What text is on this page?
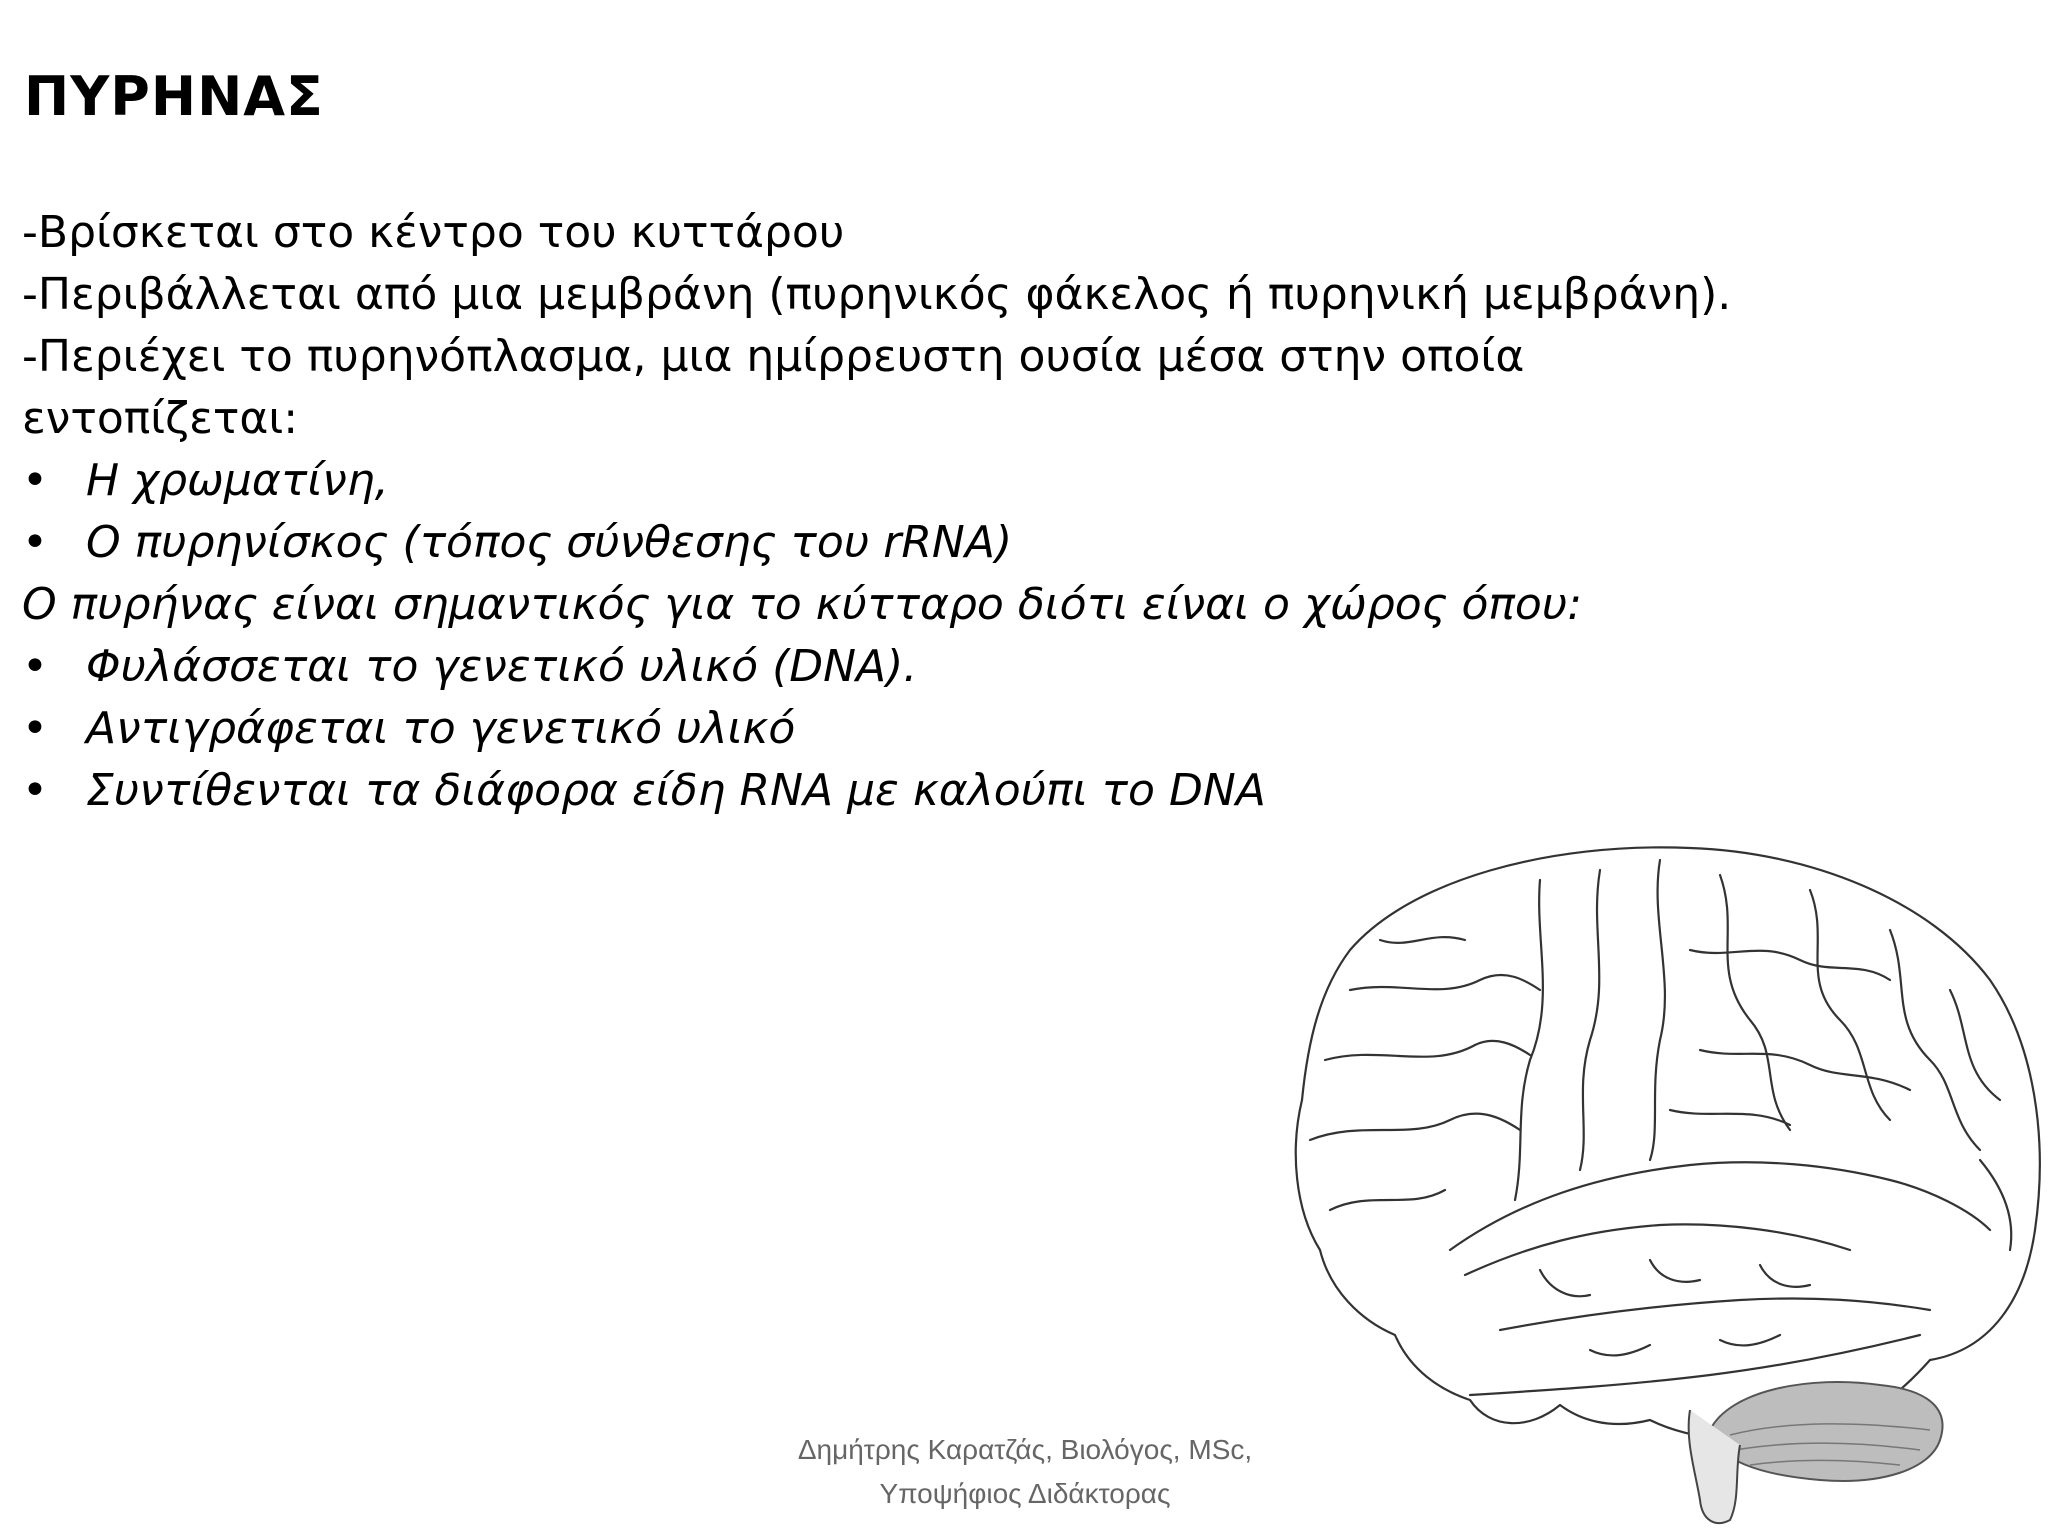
ΠΥΡΗΝΑΣ
-Βρίσκεται στο κέντρο του κυττάρου
-Περιβάλλεται από μια μεμβράνη (πυρηνικός φάκελος ή πυρηνική μεμβράνη).
-Περιέχει το πυρηνόπλασμα, μια ημίρρευστη ουσία μέσα στην οποία
εντοπίζεται:
• Η χρωματίνη,
• Ο πυρηνίσκος (τόπος σύνθεσης του rRNA)
Ο πυρήνας είναι σημαντικός για το κύτταρο διότι είναι ο χώρος όπου:
• Φυλάσσεται το γενετικό υλικό (DNA).
• Αντιγράφεται το γενετικό υλικό
• Συντίθενται τα διάφορα είδη RNA με καλούπι το DNA
Δημήτρης Καρατζάς, Βιολόγος, MSc,
Υποψήφιος Διδάκτορας
